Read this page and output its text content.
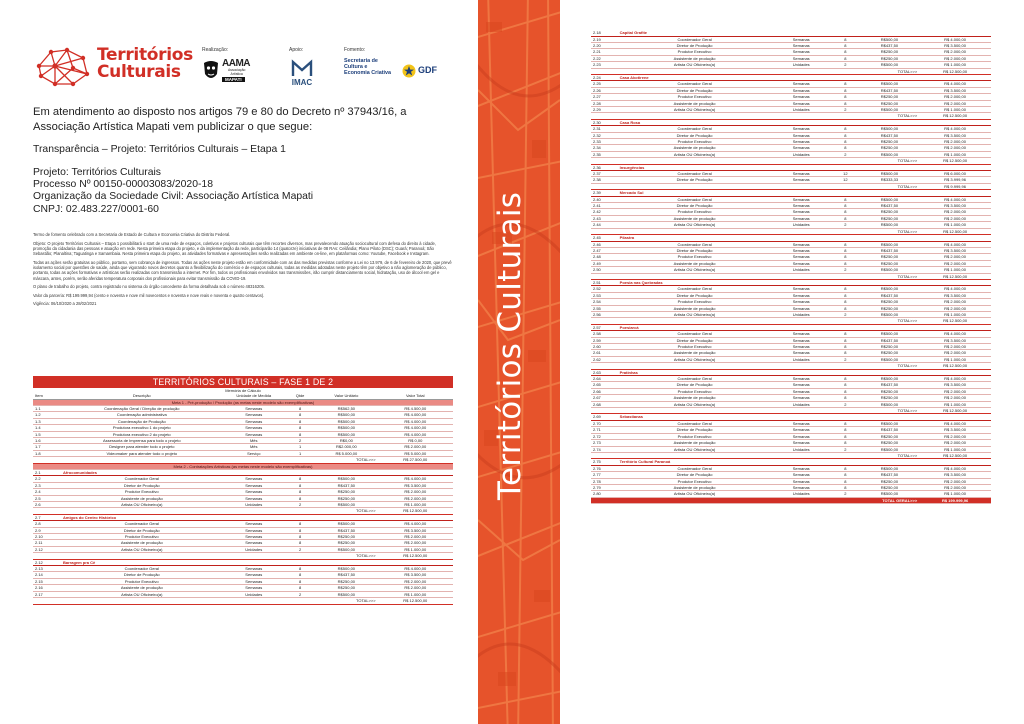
Territórios
Culturais
Realização:
AAMA
Associação
Artística
MAPATI
Apoio:
IMAC
Fomento:
Secretaria de
Cultura e
Economia Criativa	GDF
Em atendimento ao disposto nos artigos 79 e 80 do Decreto nº 37943/16, a Associação Artística Mapati vem publicizar o que segue:
Transparência – Projeto: Territórios Culturais – Etapa 1
Projeto: Territórios Culturais
Processo Nº 00150-00003083/2020-18
Organização da Sociedade Civil: Associação Artística Mapati
CNPJ: 02.483.227/0001-60

Termo de fomento celebrado com a Secretaria de Estado de Cultura e Economia Criativa do Distrito Federal.

Objeto: O projeto Territórios Culturais – Etapa 1 possibilitará o start de uma rede de espaços, coletivos e projetos culturais que têm recortes diversos, mas prevalecendo atuação sociocultural com defesa do direito à cidade, promoção da cidadania das pessoas e atuação em rede. Nesta primeira etapa do projeto, e da implementação da rede, participarão 14 (quatorze) iniciativas de 08 RAs: Ceilândia; Plano Piloto (DSC); Guará; Paranoá; São Sebastião; Planaltina; Taguatinga e Samambaia. Nesta primeira etapa do projeto, as atividades formativas e apresentações serão realizadas em ambiente on-line, em plataformas como: Youtube, Facebook e Instagram.

Todas as ações serão gratuitas ao público, portanto, sem cobrança de ingressos. Todas as ações neste projeto estão em conformidade com as das medidas previstas conforme a Lei no 13.979, de 6 de fevereiro de 2020, que prevê isolamento social por questões de saúde, ainda que vigorando novos decretos quanto a flexibilização do comércio e de espaços culturais, todas as medidas adotadas neste projeto têm por objetivo a não aglomeração de público, portanto, todas as ações formativas e artísticas serão realizadas com transmissão a internet. Por fim, todos os profissionais envolvidos nas transmissões, irão cumprir distanciamento social, hidratação, uso de álcool em gel e máscara, antes, porém, serão aferidas temperatura corporais dos profissionais para evitar transmissão da COVID-19.

O plano de trabalho do projeto, contra registrado no sistema do órgão concedente da forma detalhada sob o número 48316205.

Valor da parceria: R$ 199.999,94 (cento e noventa e nove mil novecentos e noventa e nove reais e noventa e quatro centavos).

Vigência: 06/10/2020 a 28/02/2021

TERRITÓRIOS CULTURAIS – FASE 1 DE 2
Memória de Cálculo
Item	Descrição	Unidade de Medida	Qtde	Valor Unitário	Valor Total
Meta 1 - Pré-produção / Produção (as metas neste modelo são exemplificativas)					
1.1	Coordenação Geral / Direção de produção	Semanas	8	R$562,50	R$ 4.500,00
1.2	Coordenação administrativa	Semanas	8	R$500,00	R$ 4.000,00
1.3	Coordenação de Produção	Semanas	8	R$500,00	R$ 4.000,00
1.4	Produtora executivo 1 do projeto	Semanas	8	R$500,00	R$ 4.000,00
1.5	Produtora executivo 2 do projeto	Semanas	8	R$500,00	R$ 4.000,00
1.6	Assessoria de Imprensa para todo o projeto	Mês	2	R$0,00	R$ 0,00
1.7	Designer para atender todo o projeto	Mês	1	R$2.000,00	R$ 2.000,00
1.8	Videomaker para atender todo o projeto	Serviço	1	R$ 5.000,00	R$ 5.000,00
TOTAL>>>					R$ 27.500,00
Meta 2 - Contratações Artísticas (as metas neste modelo são exemplificativas)					
2.1	Afrocomunidades				
2.2	Coordenador Geral	Semanas	8	R$500,00	R$ 4.000,00
2.3	Diretor de Produção	Semanas	8	R$437,50	R$ 3.500,00
2.4	Produtor Executivo	Semanas	8	R$250,00	R$ 2.000,00
2.5	Assistente de produção	Semanas	8	R$250,00	R$ 2.000,00
2.6	Artista OU Oficineiro(a)	Unidades	2	R$500,00	R$ 1.000,00
TOTAL>>>					R$ 12.500,00
2.7	Amigos do Centro Histórico				
2.8	Coordenador Geral	Semanas	8	R$500,00	R$ 4.000,00
2.9	Diretor de Produção	Semanas	8	R$437,50	R$ 3.500,00
2.10	Produtor Executivo	Semanas	8	R$250,00	R$ 2.000,00
2.11	Assistente de produção	Semanas	8	R$250,00	R$ 2.000,00
2.12	Artista OU Oficineiro(a)	Unidades	2	R$500,00	R$ 1.000,00
TOTAL>>>					R$ 12.500,00
2.12	Barragem pra Cê				
2.13	Coordenador Geral	Semanas	8	R$500,00	R$ 4.000,00
2.14	Diretor de Produção	Semanas	8	R$437,50	R$ 3.500,00
2.15	Produtor Executivo	Semanas	8	R$250,00	R$ 2.000,00
2.16	Assistente de produção	Semanas	8	R$250,00	R$ 2.000,00
2.17	Artista OU Oficineiro(a)	Unidades	2	R$500,00	R$ 1.000,00
TOTAL>>>					R$ 12.500,00
Territórios Culturais
2.18	Capital Grafite				
2.19	Coordenador Geral	Semanas	8	R$500,00	R$ 4.000,00
2.20	Diretor de Produção	Semanas	8	R$437,50	R$ 3.500,00
2.21	Produtor Executivo	Semanas	8	R$250,00	R$ 2.000,00
2.22	Assistente de produção	Semanas	8	R$250,00	R$ 2.000,00
2.23	Artista OU Oficineiro(a)	Unidades	2	R$500,00	R$ 1.000,00
TOTAL>>>					R$ 12.500,00
2.24	Casa Akotirene				
2.25	Coordenador Geral	Semanas	8	R$500,00	R$ 4.000,00
2.26	Diretor de Produção	Semanas	8	R$437,50	R$ 3.500,00
2.27	Produtor Executivo	Semanas	8	R$250,00	R$ 2.000,00
2.28	Assistente de produção	Semanas	8	R$250,00	R$ 2.000,00
2.29	Artista OU Oficineiro(a)	Unidades	2	R$500,00	R$ 1.000,00
TOTAL>>>					R$ 12.500,00
2.30	Casa Rosa				
2.31	Coordenador Geral	Semanas	8	R$500,00	R$ 4.000,00
2.32	Diretor de Produção	Semanas	8	R$437,50	R$ 3.500,00
2.33	Produtor Executivo	Semanas	8	R$250,00	R$ 2.000,00
2.34	Assistente de produção	Semanas	8	R$250,00	R$ 2.000,00
2.35	Artista OU Oficineiro(a)	Unidades	2	R$500,00	R$ 1.000,00
TOTAL>>>					R$ 12.500,00
2.36	Insurgências				
2.37	Coordenador Geral	Semanas	12	R$500,00	R$ 6.000,00
2.38	Diretor de Produção	Semanas	12	R$333,33	R$ 3.999,96
TOTAL>>>					R$ 9.999,96
2.39	Mercado Sul				
2.40	Coordenador Geral	Semanas	8	R$500,00	R$ 4.000,00
2.41	Diretor de Produção	Semanas	8	R$437,50	R$ 3.500,00
2.42	Produtor Executivo	Semanas	8	R$250,00	R$ 2.000,00
2.43	Assistente de produção	Semanas	8	R$250,00	R$ 2.000,00
2.44	Artista OU Oficineiro(a)	Unidades	2	R$500,00	R$ 1.000,00
TOTAL>>>					R$ 12.500,00
2.45	Pilastra				
2.46	Coordenador Geral	Semanas	8	R$500,00	R$ 4.000,00
2.47	Diretor de Produção	Semanas	8	R$437,50	R$ 3.500,00
2.48	Produtor Executivo	Semanas	8	R$250,00	R$ 2.000,00
2.49	Assistente de produção	Semanas	8	R$250,00	R$ 2.000,00
2.50	Artista OU Oficineiro(a)	Unidades	2	R$500,00	R$ 1.000,00
TOTAL>>>					R$ 12.500,00
2.51	Poesia nas Quebradas				
2.52	Coordenador Geral	Semanas	8	R$500,00	R$ 4.000,00
2.53	Diretor de Produção	Semanas	8	R$437,50	R$ 3.500,00
2.54	Produtor Executivo	Semanas	8	R$250,00	R$ 2.000,00
2.55	Assistente de produção	Semanas	8	R$250,00	R$ 2.000,00
2.56	Artista OU Oficineiro(a)	Unidades	2	R$500,00	R$ 1.000,00
TOTAL>>>					R$ 12.500,00
2.57	Poesiarcá				
2.58	Coordenador Geral	Semanas	8	R$500,00	R$ 4.000,00
2.59	Diretor de Produção	Semanas	8	R$437,50	R$ 3.500,00
2.60	Produtor Executivo	Semanas	8	R$250,00	R$ 2.000,00
2.61	Assistente de produção	Semanas	8	R$250,00	R$ 2.000,00
2.62	Artista OU Oficineiro(a)	Unidades	2	R$500,00	R$ 1.000,00
TOTAL>>>					R$ 12.500,00
2.63	Pratinhas				
2.64	Coordenador Geral	Semanas	8	R$500,00	R$ 4.000,00
2.65	Diretor de Produção	Semanas	8	R$437,50	R$ 3.500,00
2.66	Produtor Executivo	Semanas	8	R$250,00	R$ 2.000,00
2.67	Assistente de produção	Semanas	8	R$250,00	R$ 2.000,00
2.68	Artista OU Oficineiro(a)	Unidades	2	R$500,00	R$ 1.000,00
TOTAL>>>					R$ 12.500,00
2.69	Sebastianas				
2.70	Coordenador Geral	Semanas	8	R$500,00	R$ 4.000,00
2.71	Diretor de Produção	Semanas	8	R$437,50	R$ 3.500,00
2.72	Produtor Executivo	Semanas	8	R$250,00	R$ 2.000,00
2.73	Assistente de produção	Semanas	8	R$250,00	R$ 2.000,00
2.74	Artista OU Oficineiro(a)	Unidades	2	R$500,00	R$ 1.000,00
TOTAL>>>					R$ 12.500,00
2.75	Território Cultural Paranoá				
2.76	Coordenador Geral	Semanas	8	R$500,00	R$ 4.000,00
2.77	Diretor de Produção	Semanas	8	R$437,50	R$ 3.500,00
2.78	Produtor Executivo	Semanas	8	R$250,00	R$ 2.000,00
2.79	Assistente de produção	Semanas	8	R$250,00	R$ 2.000,00
2.80	Artista OU Oficineiro(a)	Unidades	2	R$500,00	R$ 1.000,00
TOTAL GERAL>>>					R$ 199.999,96
